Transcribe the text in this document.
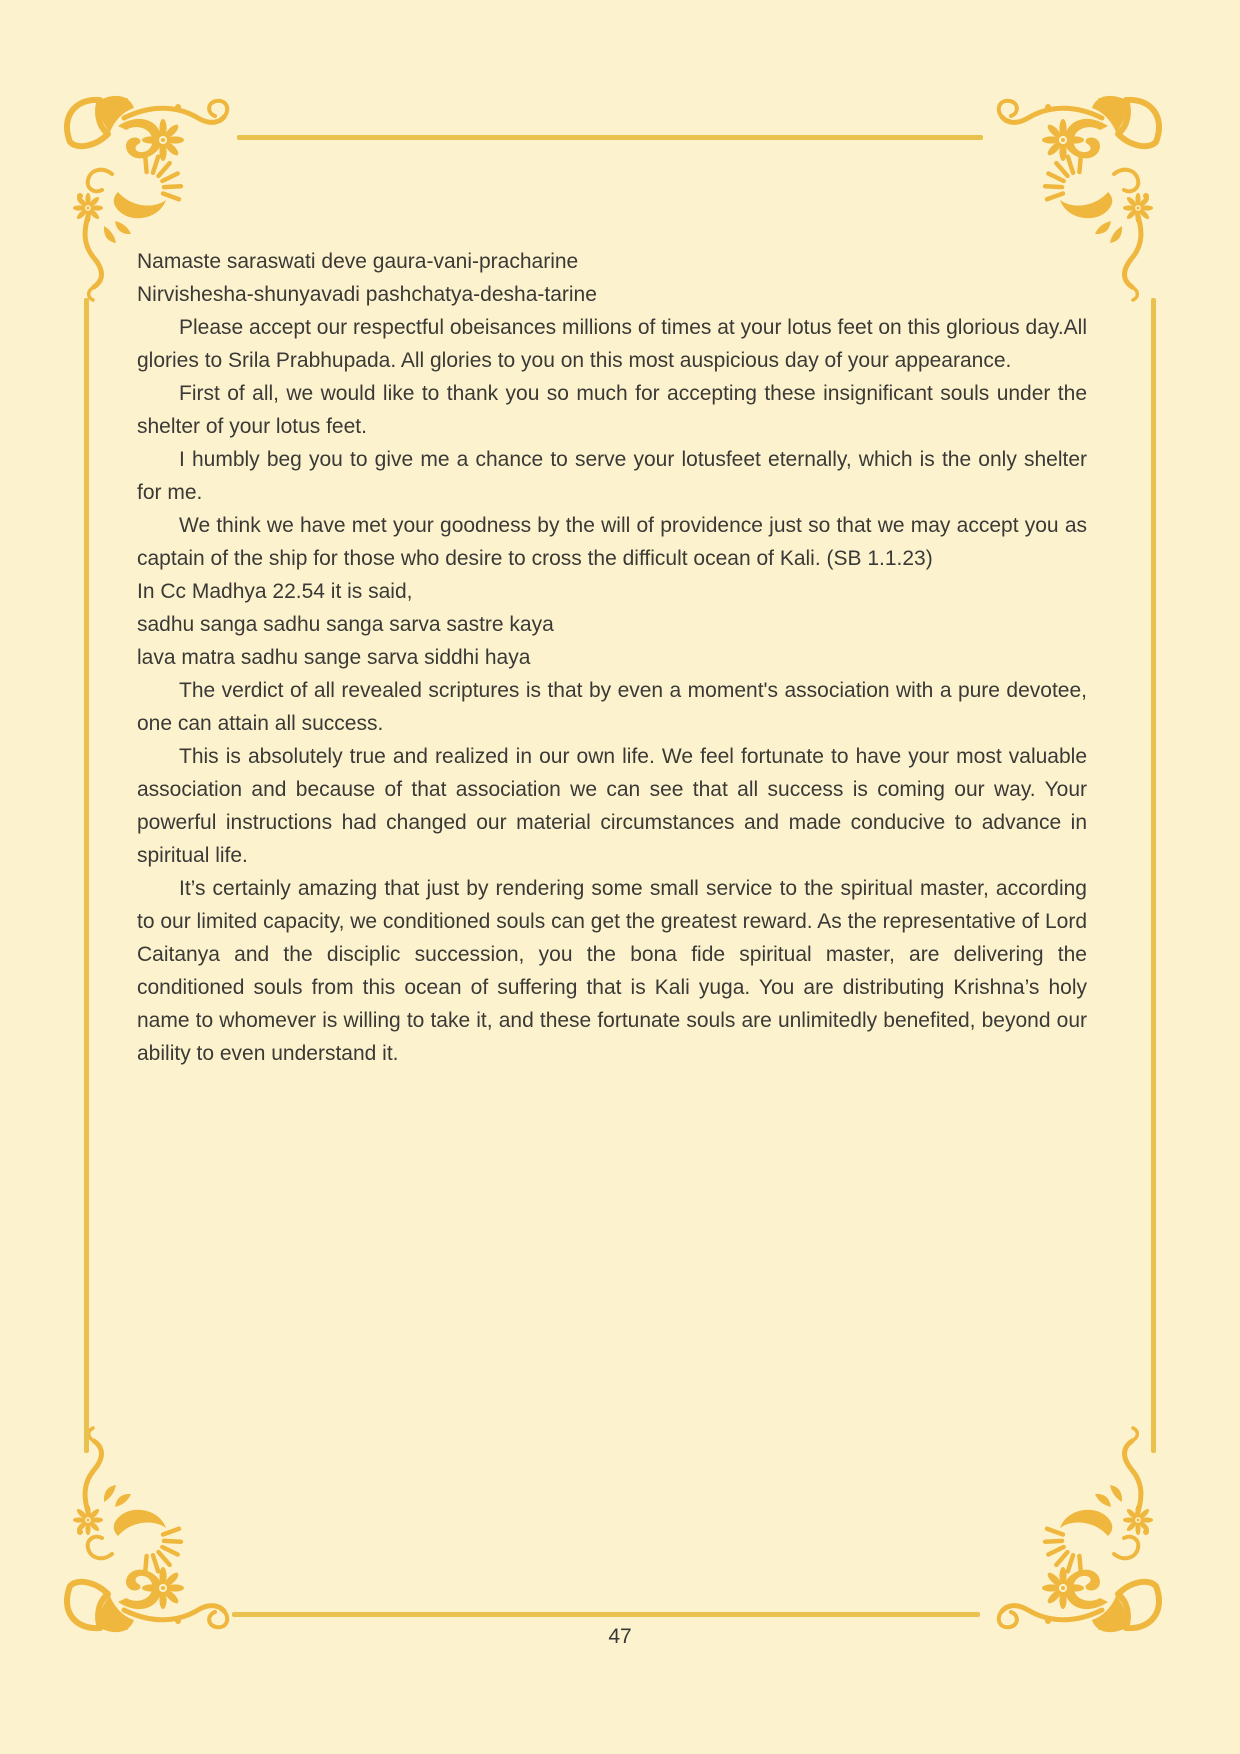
Namaste saraswati deve gaura-vani-pracharine

Nirvishesha-shunyavadi pashchatya-desha-tarine

Please accept our respectful obeisances millions of times at your lotus feet on this glorious day.All glories to Srila Prabhupada. All glories to you on this most auspicious day of your appearance.

First of all, we would like to thank you so much for accepting these insignificant souls under the shelter of your lotus feet.

I humbly beg you to give me a chance to serve your lotusfeet eternally, which is the only shelter for me.

We think we have met your goodness by the will of providence just so that we may accept you as captain of the ship for those who desire to cross the difficult ocean of Kali. (SB 1.1.23)

In Cc Madhya 22.54 it is said,

sadhu sanga sadhu sanga sarva sastre kaya

lava matra sadhu sange sarva siddhi haya

The verdict of all revealed scriptures is that by even a moment's association with a pure devotee, one can attain all success.

This is absolutely true and realized in our own life. We feel fortunate to have your most valuable association and because of that association we can see that all success is coming our way. Your powerful instructions had changed our material circumstances and made conducive to advance in spiritual life.

It’s certainly amazing that just by rendering some small service to the spiritual master, according to our limited capacity, we conditioned souls can get the greatest reward. As the representative of Lord Caitanya and the disciplic succession, you the bona fide spiritual master, are delivering the conditioned souls from this ocean of suffering that is Kali yuga. You are distributing Krishna’s holy name to whomever is willing to take it, and these fortunate souls are unlimitedly benefited, beyond our ability to even understand it.

47
